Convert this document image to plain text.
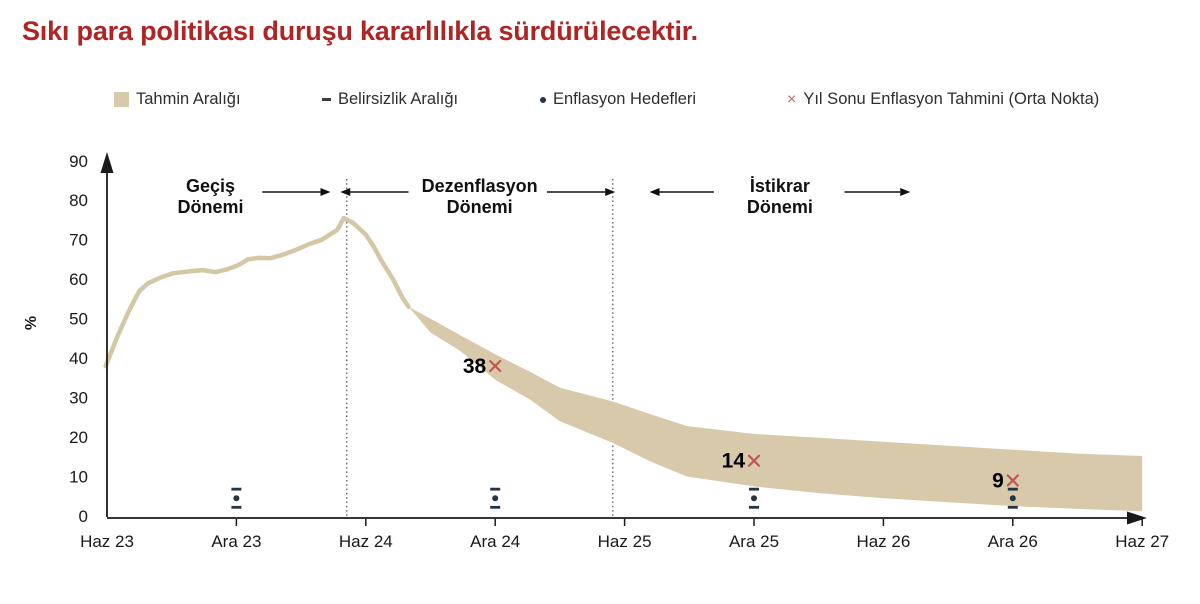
Sıkı para politikası duruşu kararlılıkla sürdürülecektir.
Tahmin Aralığı	Belirsizlik Aralığı	Enflasyon Hedefleri	× Yıl Sonu Enflasyon Tahmini (Orta Nokta)
Haz 23	Ara 23	Haz 24	Ara 24	Haz 25	Ara 25	Haz 26	Ara 26	Haz 27
0
10
20
30
40
50
60
70
80
90
%
Geçiş
Dönemi
Dezenflasyon
Dönemi
İstikrar
Dönemi
38
14
9
